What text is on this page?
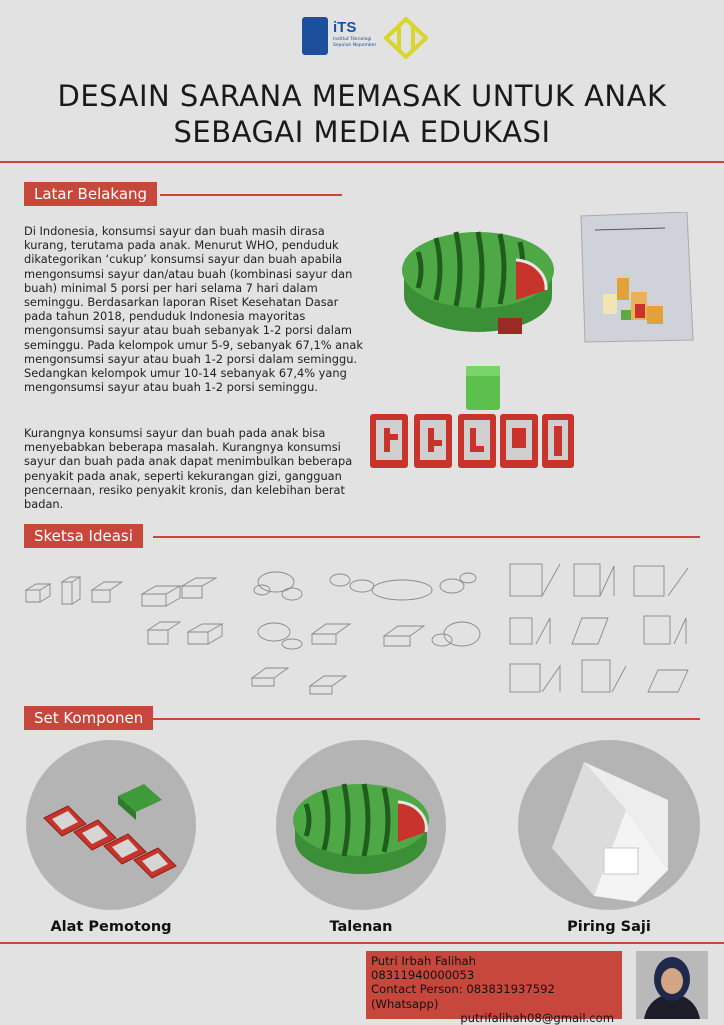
iTS
Institut Teknologi Sepuluh Nopember
DESAIN SARANA MEMASAK UNTUK ANAK
SEBAGAI MEDIA EDUKASI
Latar Belakang
Di Indonesia, konsumsi sayur dan buah masih dirasa kurang, terutama pada anak. Menurut WHO, penduduk dikategorikan ‘cukup’ konsumsi sayur dan buah apabila mengonsumsi sayur dan/atau buah (kombinasi sayur dan buah) minimal 5 porsi per hari selama 7 hari dalam seminggu. Berdasarkan laporan Riset Kesehatan Dasar pada tahun 2018, penduduk Indonesia mayoritas mengonsumsi sayur atau buah sebanyak 1-2 porsi dalam seminggu. Pada kelompok umur 5-9, sebanyak 67,1% anak mengonsumsi sayur atau buah 1-2 porsi dalam seminggu. Sedangkan kelompok umur 10-14 sebanyak 67,4% yang mengonsumsi sayur atau buah 1-2 porsi seminggu.
Kurangnya konsumsi sayur dan buah pada anak bisa menyebabkan beberapa masalah. Kurangnya konsumsi sayur dan buah pada anak dapat menimbulkan beberapa penyakit pada anak, seperti kekurangan gizi, gangguan pencernaan, resiko penyakit kronis, dan kelebihan berat badan.
Sketsa Ideasi
Set Komponen
Alat Pemotong	Talenan	Piring Saji
Putri Irbah Falihah
08311940000053
Contact Person: 083831937592 (Whatsapp)
putrifalihah08@gmail.com
